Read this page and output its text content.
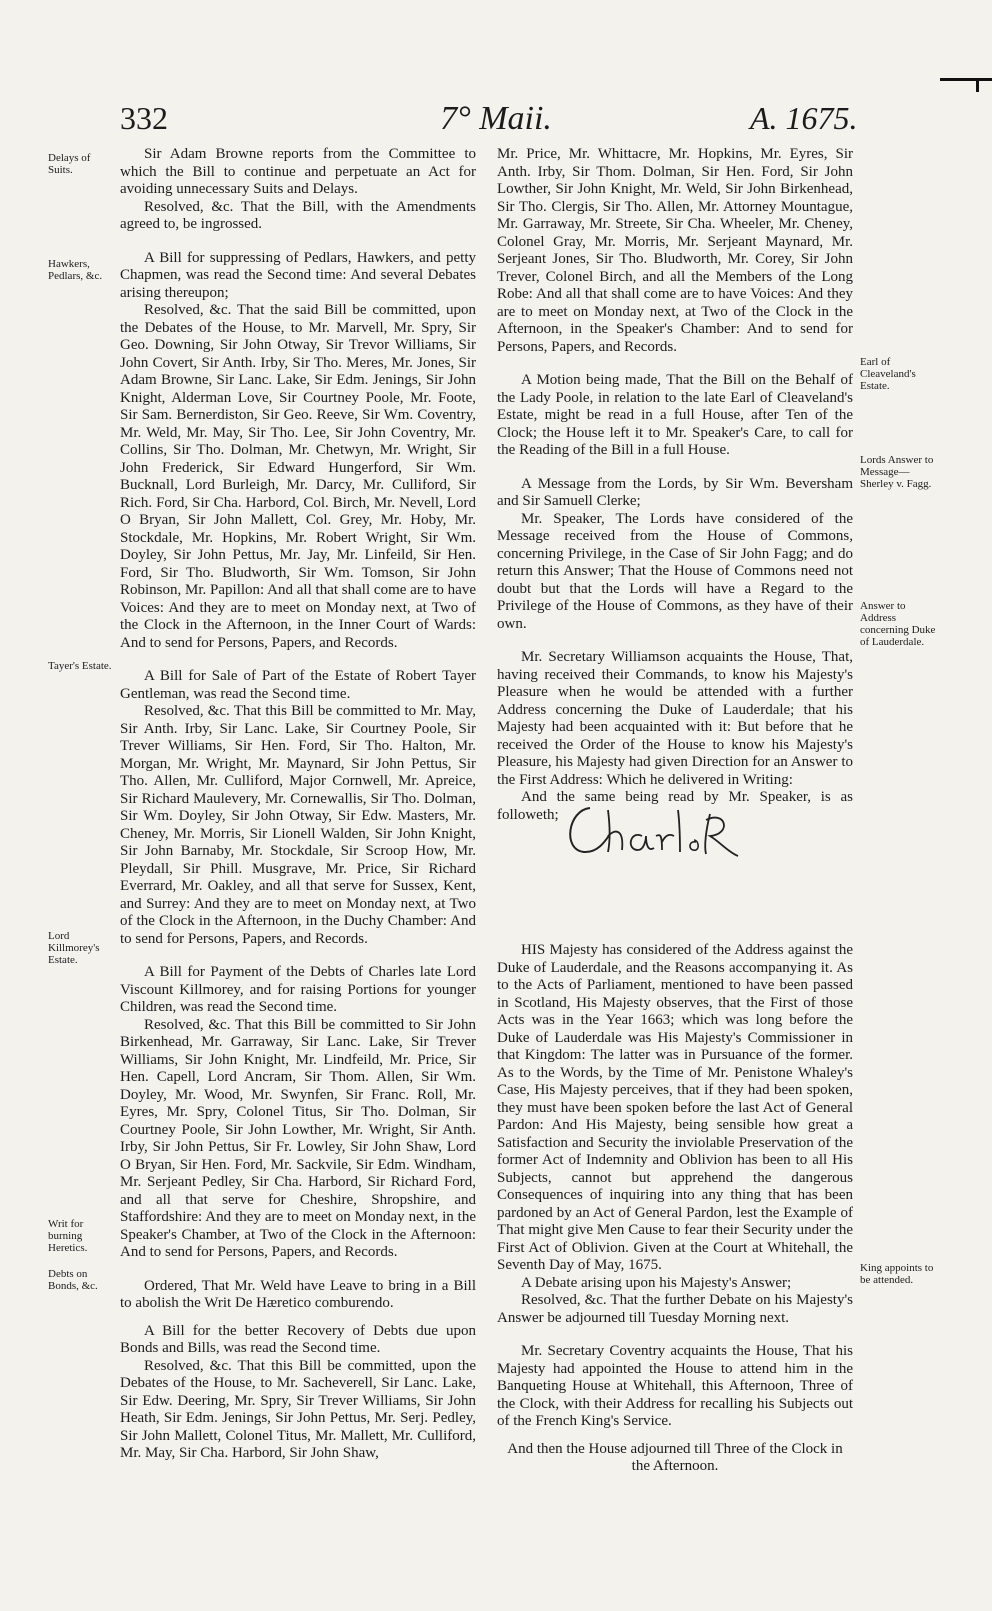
332	7° Maii.	A. 1675.
Delays of Suits.
Hawkers, Pedlars, &c.
Tayer's Estate.
Lord Killmorey's Estate.
Writ for burning Heretics.
Debts on Bonds, &c.
Earl of Cleaveland's Estate.
Lords Answer to Message— Sherley v. Fagg.
Answer to Address concerning Duke of Lauderdale.
King appoints to be attended.

Sir Adam Browne reports from the Committee to which the Bill to continue and perpetuate an Act for avoiding unnecessary Suits and Delays.

Resolved, &c. That the Bill, with the Amendments agreed to, be ingrossed.

A Bill for suppressing of Pedlars, Hawkers, and petty Chapmen, was read the Second time: And several Debates arising thereupon;

Resolved, &c. That the said Bill be committed, upon the Debates of the House, to Mr. Marvell, Mr. Spry, Sir Geo. Downing, Sir John Otway, Sir Trevor Williams, Sir John Covert, Sir Anth. Irby, Sir Tho. Meres, Mr. Jones, Sir Adam Browne, Sir Lanc. Lake, Sir Edm. Jenings, Sir John Knight, Alderman Love, Sir Courtney Poole, Mr. Foote, Sir Sam. Bernerdiston, Sir Geo. Reeve, Sir Wm. Coventry, Mr. Weld, Mr. May, Sir Tho. Lee, Sir John Coventry, Mr. Collins, Sir Tho. Dolman, Mr. Chetwyn, Mr. Wright, Sir John Frederick, Sir Edward Hungerford, Sir Wm. Bucknall, Lord Burleigh, Mr. Darcy, Mr. Culliford, Sir Rich. Ford, Sir Cha. Harbord, Col. Birch, Mr. Nevell, Lord O Bryan, Sir John Mallett, Col. Grey, Mr. Hoby, Mr. Stockdale, Mr. Hopkins, Mr. Robert Wright, Sir Wm. Doyley, Sir John Pettus, Mr. Jay, Mr. Linfeild, Sir Hen. Ford, Sir Tho. Bludworth, Sir Wm. Tomson, Sir John Robinson, Mr. Papillon: And all that shall come are to have Voices: And they are to meet on Monday next, at Two of the Clock in the Afternoon, in the Inner Court of Wards: And to send for Persons, Papers, and Records.

A Bill for Sale of Part of the Estate of Robert Tayer Gentleman, was read the Second time.

Resolved, &c. That this Bill be committed to Mr. May, Sir Anth. Irby, Sir Lanc. Lake, Sir Courtney Poole, Sir Trever Williams, Sir Hen. Ford, Sir Tho. Halton, Mr. Morgan, Mr. Wright, Mr. Maynard, Sir John Pettus, Sir Tho. Allen, Mr. Culliford, Major Cornwell, Mr. Apreice, Sir Richard Maulevery, Mr. Cornewallis, Sir Tho. Dolman, Sir Wm. Doyley, Sir John Otway, Sir Edw. Masters, Mr. Cheney, Mr. Morris, Sir Lionell Walden, Sir John Knight, Sir John Barnaby, Mr. Stockdale, Sir Scroop How, Mr. Pleydall, Sir Phill. Musgrave, Mr. Price, Sir Richard Everrard, Mr. Oakley, and all that serve for Sussex, Kent, and Surrey: And they are to meet on Monday next, at Two of the Clock in the Afternoon, in the Duchy Chamber: And to send for Persons, Papers, and Records.

A Bill for Payment of the Debts of Charles late Lord Viscount Killmorey, and for raising Portions for younger Children, was read the Second time.

Resolved, &c. That this Bill be committed to Sir John Birkenhead, Mr. Garraway, Sir Lanc. Lake, Sir Trever Williams, Sir John Knight, Mr. Lindfeild, Mr. Price, Sir Hen. Capell, Lord Ancram, Sir Thom. Allen, Sir Wm. Doyley, Mr. Wood, Mr. Swynfen, Sir Franc. Roll, Mr. Eyres, Mr. Spry, Colonel Titus, Sir Tho. Dolman, Sir Courtney Poole, Sir John Lowther, Mr. Wright, Sir Anth. Irby, Sir John Pettus, Sir Fr. Lowley, Sir John Shaw, Lord O Bryan, Sir Hen. Ford, Mr. Sackvile, Sir Edm. Windham, Mr. Serjeant Pedley, Sir Cha. Harbord, Sir Richard Ford, and all that serve for Cheshire, Shropshire, and Staffordshire: And they are to meet on Monday next, in the Speaker's Chamber, at Two of the Clock in the Afternoon: And to send for Persons, Papers, and Records.

Ordered, That Mr. Weld have Leave to bring in a Bill to abolish the Writ De Hæretico comburendo.

A Bill for the better Recovery of Debts due upon Bonds and Bills, was read the Second time.

Resolved, &c. That this Bill be committed, upon the Debates of the House, to Mr. Sacheverell, Sir Lanc. Lake, Sir Edw. Deering, Mr. Spry, Sir Trever Williams, Sir John Heath, Sir Edm. Jenings, Sir John Pettus, Mr. Serj. Pedley, Sir John Mallett, Colonel Titus, Mr. Mallett, Mr. Culliford, Mr. May, Sir Cha. Harbord, Sir John Shaw,

Mr. Price, Mr. Whittacre, Mr. Hopkins, Mr. Eyres, Sir Anth. Irby, Sir Thom. Dolman, Sir Hen. Ford, Sir John Lowther, Sir John Knight, Mr. Weld, Sir John Birkenhead, Sir Tho. Clergis, Sir Tho. Allen, Mr. Attorney Mountague, Mr. Garraway, Mr. Streete, Sir Cha. Wheeler, Mr. Cheney, Colonel Gray, Mr. Morris, Mr. Serjeant Maynard, Mr. Serjeant Jones, Sir Tho. Bludworth, Mr. Corey, Sir John Trever, Colonel Birch, and all the Members of the Long Robe: And all that shall come are to have Voices: And they are to meet on Monday next, at Two of the Clock in the Afternoon, in the Speaker's Chamber: And to send for Persons, Papers, and Records.

A Motion being made, That the Bill on the Behalf of the Lady Poole, in relation to the late Earl of Cleaveland's Estate, might be read in a full House, after Ten of the Clock; the House left it to Mr. Speaker's Care, to call for the Reading of the Bill in a full House.

A Message from the Lords, by Sir Wm. Beversham and Sir Samuell Clerke;

Mr. Speaker, The Lords have considered of the Message received from the House of Commons, concerning Privilege, in the Case of Sir John Fagg; and do return this Answer; That the House of Commons need not doubt but that the Lords will have a Regard to the Privilege of the House of Commons, as they have of their own.

Mr. Secretary Williamson acquaints the House, That, having received their Commands, to know his Majesty's Pleasure when he would be attended with a further Address concerning the Duke of Lauderdale; that his Majesty had been acquainted with it: But before that he received the Order of the House to know his Majesty's Pleasure, his Majesty had given Direction for an Answer to the First Address: Which he delivered in Writing:

And the same being read by Mr. Speaker, is as followeth;

HIS Majesty has considered of the Address against the Duke of Lauderdale, and the Reasons accompanying it. As to the Acts of Parliament, mentioned to have been passed in Scotland, His Majesty observes, that the First of those Acts was in the Year 1663; which was long before the Duke of Lauderdale was His Majesty's Commissioner in that Kingdom: The latter was in Pursuance of the former. As to the Words, by the Time of Mr. Penistone Whaley's Case, His Majesty perceives, that if they had been spoken, they must have been spoken before the last Act of General Pardon: And His Majesty, being sensible how great a Satisfaction and Security the inviolable Preservation of the former Act of Indemnity and Oblivion has been to all His Subjects, cannot but apprehend the dangerous Consequences of inquiring into any thing that has been pardoned by an Act of General Pardon, lest the Example of That might give Men Cause to fear their Security under the First Act of Oblivion. Given at the Court at Whitehall, the Seventh Day of May, 1675.

A Debate arising upon his Majesty's Answer;

Resolved, &c. That the further Debate on his Majesty's Answer be adjourned till Tuesday Morning next.

Mr. Secretary Coventry acquaints the House, That his Majesty had appointed the House to attend him in the Banqueting House at Whitehall, this Afternoon, Three of the Clock, with their Address for recalling his Subjects out of the French King's Service.

And then the House adjourned till Three of the Clock in the Afternoon.
